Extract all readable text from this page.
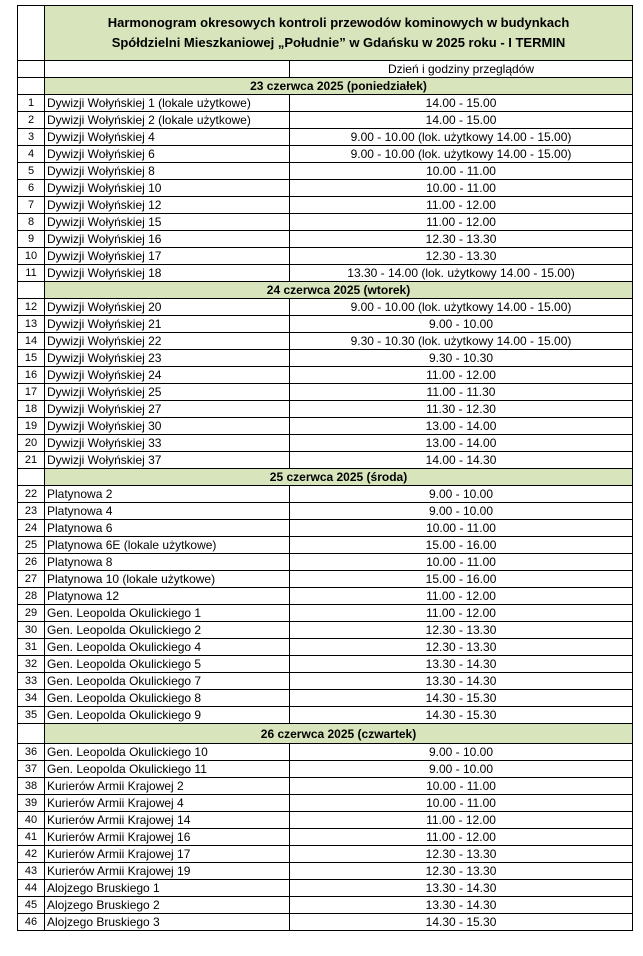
	Harmonogram okresowych kontroli przewodów kominowych w budynkach
Spółdzielni Mieszkaniowej „Południe” w Gdańsku w 2025 roku - I TERMIN	
		Dzień i godziny przeglądów
	23 czerwca 2025 (poniedziałek)	
1	Dywizji Wołyńskiej 1 (lokale użytkowe)	14.00 - 15.00
2	Dywizji Wołyńskiej 2 (lokale użytkowe)	14.00 - 15.00
3	Dywizji Wołyńskiej 4	9.00 - 10.00 (lok. użytkowy 14.00 - 15.00)
4	Dywizji Wołyńskiej 6	9.00 - 10.00 (lok. użytkowy 14.00 - 15.00)
5	Dywizji Wołyńskiej 8	10.00 - 11.00
6	Dywizji Wołyńskiej 10	10.00 - 11.00
7	Dywizji Wołyńskiej 12	11.00 - 12.00
8	Dywizji Wołyńskiej 15	11.00 - 12.00
9	Dywizji Wołyńskiej 16	12.30 - 13.30
10	Dywizji Wołyńskiej 17	12.30 - 13.30
11	Dywizji Wołyńskiej 18	13.30 - 14.00 (lok. użytkowy 14.00 - 15.00)
	24 czerwca 2025 (wtorek)	
12	Dywizji Wołyńskiej 20	9.00 - 10.00 (lok. użytkowy 14.00 - 15.00)
13	Dywizji Wołyńskiej 21	9.00 - 10.00
14	Dywizji Wołyńskiej 22	9.30 - 10.30 (lok. użytkowy 14.00 - 15.00)
15	Dywizji Wołyńskiej 23	9.30 - 10.30
16	Dywizji Wołyńskiej 24	11.00 - 12.00
17	Dywizji Wołyńskiej 25	11.00 - 11.30
18	Dywizji Wołyńskiej 27	11.30 - 12.30
19	Dywizji Wołyńskiej 30	13.00 - 14.00
20	Dywizji Wołyńskiej 33	13.00 - 14.00
21	Dywizji Wołyńskiej 37	14.00 - 14.30
	25 czerwca 2025 (środa)	
22	Platynowa 2	9.00 - 10.00
23	Platynowa 4	9.00 - 10.00
24	Platynowa 6	10.00 - 11.00
25	Platynowa 6E (lokale użytkowe)	15.00 - 16.00
26	Platynowa 8	10.00 - 11.00
27	Platynowa 10 (lokale użytkowe)	15.00 - 16.00
28	Platynowa 12	11.00 - 12.00
29	Gen. Leopolda Okulickiego 1	11.00 - 12.00
30	Gen. Leopolda Okulickiego 2	12.30 - 13.30
31	Gen. Leopolda Okulickiego 4	12.30 - 13.30
32	Gen. Leopolda Okulickiego 5	13.30 - 14.30
33	Gen. Leopolda Okulickiego 7	13.30 - 14.30
34	Gen. Leopolda Okulickiego 8	14.30 - 15.30
35	Gen. Leopolda Okulickiego 9	14.30 - 15.30
	26 czerwca 2025 (czwartek)	
36	Gen. Leopolda Okulickiego 10	9.00 - 10.00
37	Gen. Leopolda Okulickiego 11	9.00 - 10.00
38	Kurierów Armii Krajowej 2	10.00 - 11.00
39	Kurierów Armii Krajowej 4	10.00 - 11.00
40	Kurierów Armii Krajowej 14	11.00 - 12.00
41	Kurierów Armii Krajowej 16	11.00 - 12.00
42	Kurierów Armii Krajowej 17	12.30 - 13.30
43	Kurierów Armii Krajowej 19	12.30 - 13.30
44	Alojzego Bruskiego 1	13.30 - 14.30
45	Alojzego Bruskiego 2	13.30 - 14.30
46	Alojzego Bruskiego 3	14.30 - 15.30
